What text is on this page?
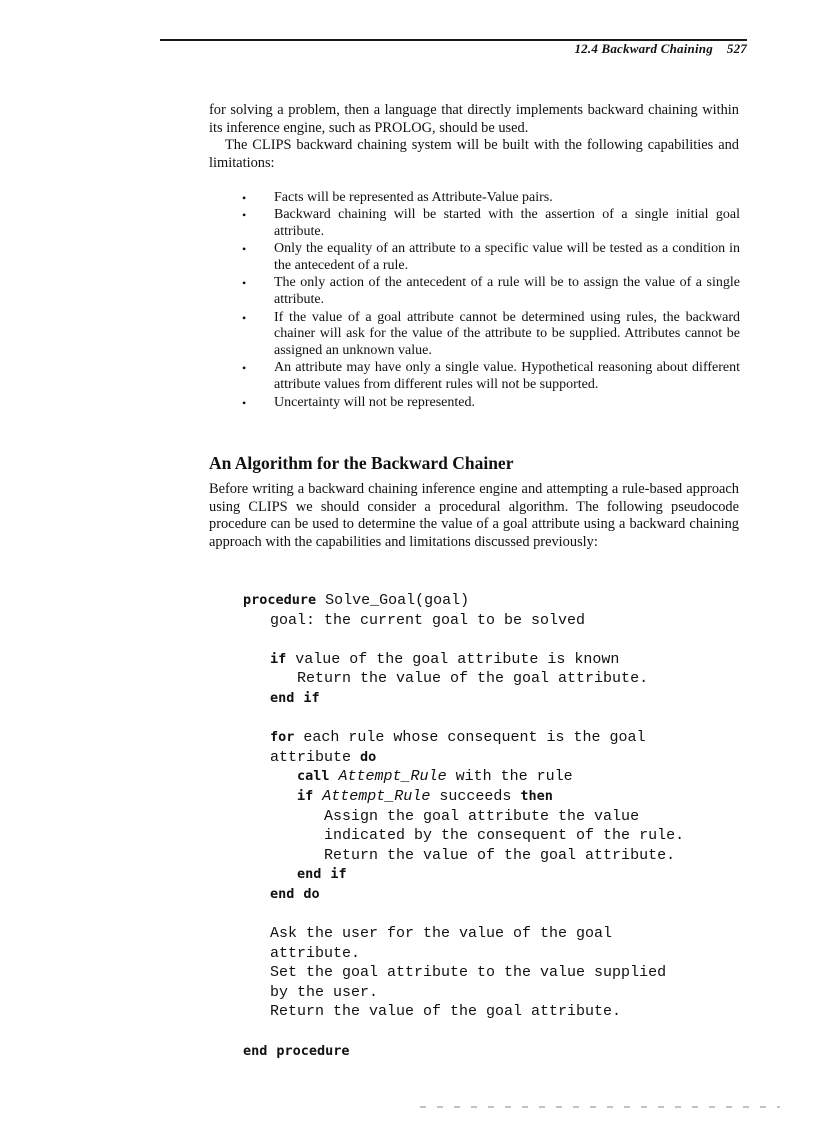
12.4 Backward Chaining 527
for solving a problem, then a language that directly implements backward chaining within its inference engine, such as PROLOG, should be used.
The CLIPS backward chaining system will be built with the following capabilities and limitations:
• Facts will be represented as Attribute-Value pairs.
• Backward chaining will be started with the assertion of a single initial goal attribute.
• Only the equality of an attribute to a specific value will be tested as a condition in the antecedent of a rule.
• The only action of the antecedent of a rule will be to assign the value of a single attribute.
• If the value of a goal attribute cannot be determined using rules, the backward chainer will ask for the value of the attribute to be supplied. Attributes cannot be assigned an unknown value.
• An attribute may have only a single value. Hypothetical reasoning about different attribute values from different rules will not be supported.
• Uncertainty will not be represented.
An Algorithm for the Backward Chainer
Before writing a backward chaining inference engine and attempting a rule-based approach using CLIPS we should consider a procedural algorithm. The following pseudocode procedure can be used to determine the value of a goal attribute using a backward chaining approach with the capabilities and limitations discussed previously:
procedure Solve_Goal(goal)
goal: the current goal to be solved

if value of the goal attribute is known
Return the value of the goal attribute.
end if

for each rule whose consequent is the goal
attribute do
call Attempt_Rule with the rule
if Attempt_Rule succeeds then
Assign the goal attribute the value
indicated by the consequent of the rule.
Return the value of the goal attribute.
end if
end do

Ask the user for the value of the goal
attribute.
Set the goal attribute to the value supplied
by the user.
Return the value of the goal attribute.

end procedure
